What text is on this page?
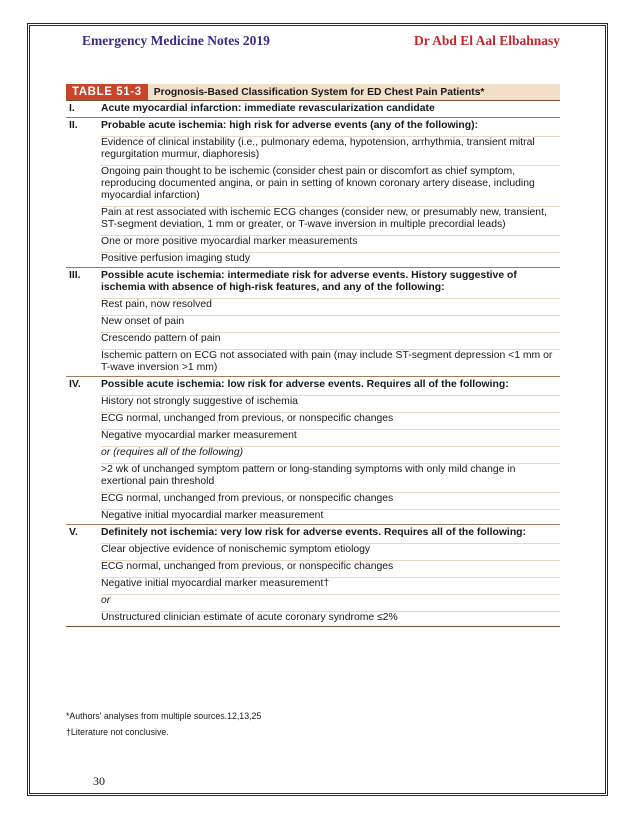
Emergency Medicine Notes 2019	Dr Abd El Aal Elbahnasy
TABLE 51-3	Prognosis-Based Classification System for ED Chest Pain Patients*
I.	Acute myocardial infarction: immediate revascularization candidate
II.	Probable acute ischemia: high risk for adverse events (any of the following):
Evidence of clinical instability (i.e., pulmonary edema, hypotension, arrhythmia, transient mitral regurgitation murmur, diaphoresis)
Ongoing pain thought to be ischemic (consider chest pain or discomfort as chief symptom, reproducing documented angina, or pain in setting of known coronary artery disease, including myocardial infarction)
Pain at rest associated with ischemic ECG changes (consider new, or presumably new, transient, ST-segment deviation, 1 mm or greater, or T-wave inversion in multiple precordial leads)
One or more positive myocardial marker measurements
Positive perfusion imaging study
III.	Possible acute ischemia: intermediate risk for adverse events. History suggestive of ischemia with absence of high-risk features, and any of the following:
Rest pain, now resolved
New onset of pain
Crescendo pattern of pain
Ischemic pattern on ECG not associated with pain (may include ST-segment depression <1 mm or T-wave inversion >1 mm)
IV.	Possible acute ischemia: low risk for adverse events. Requires all of the following:
History not strongly suggestive of ischemia
ECG normal, unchanged from previous, or nonspecific changes
Negative myocardial marker measurement
or (requires all of the following)
>2 wk of unchanged symptom pattern or long-standing symptoms with only mild change in exertional pain threshold
ECG normal, unchanged from previous, or nonspecific changes
Negative initial myocardial marker measurement
V.	Definitely not ischemia: very low risk for adverse events. Requires all of the following:
Clear objective evidence of nonischemic symptom etiology
ECG normal, unchanged from previous, or nonspecific changes
Negative initial myocardial marker measurement†
or
Unstructured clinician estimate of acute coronary syndrome ≤2%
*Authors' analyses from multiple sources.12,13,25
†Literature not conclusive.
30
